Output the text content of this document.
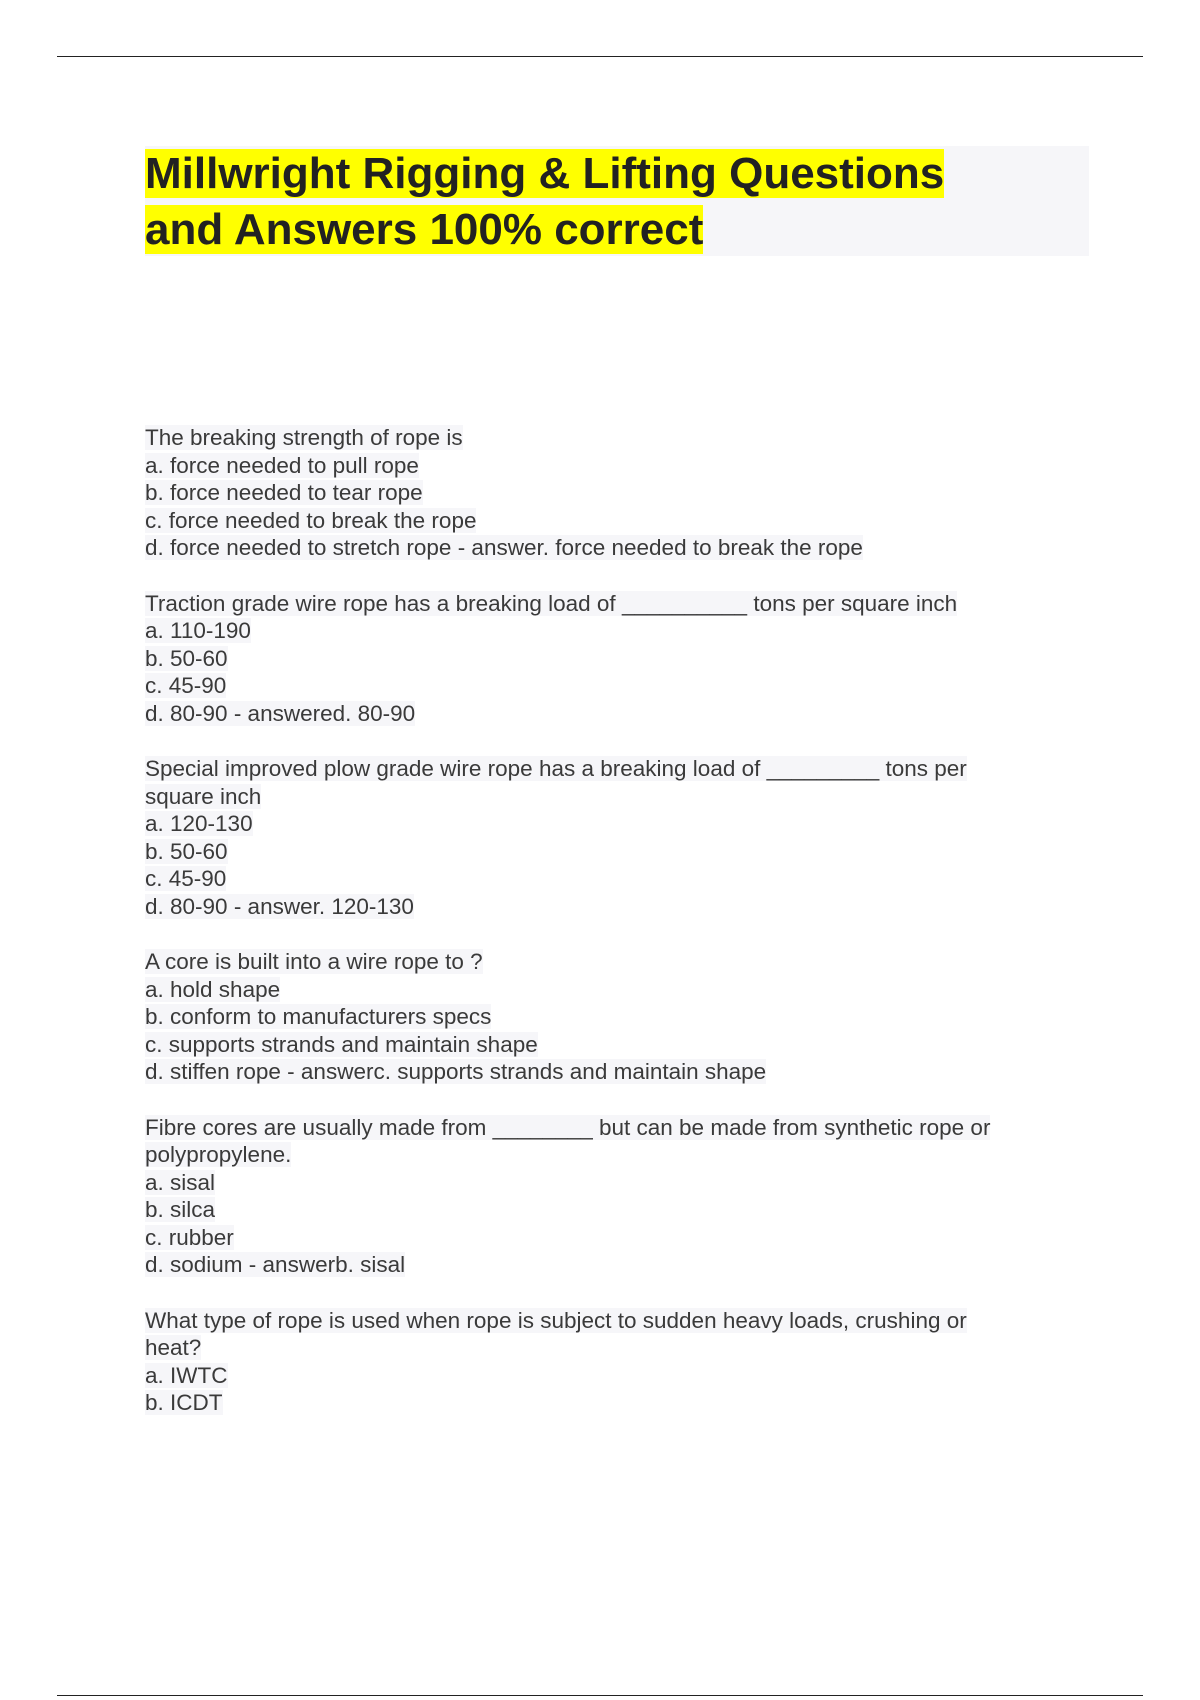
Millwright Rigging & Lifting Questions
and Answers 100% correct
The breaking strength of rope is
a. force needed to pull rope
b. force needed to tear rope
c. force needed to break the rope
d. force needed to stretch rope - answer. force needed to break the rope
Traction grade wire rope has a breaking load of __________ tons per square inch
a. 110-190
b. 50-60
c. 45-90
d. 80-90 - answered. 80-90
Special improved plow grade wire rope has a breaking load of _________ tons per
square inch
a. 120-130
b. 50-60
c. 45-90
d. 80-90 - answer. 120-130
A core is built into a wire rope to ?
a. hold shape
b. conform to manufacturers specs
c. supports strands and maintain shape
d. stiffen rope - answerc. supports strands and maintain shape
Fibre cores are usually made from ________ but can be made from synthetic rope or
polypropylene.
a. sisal
b. silca
c. rubber
d. sodium - answerb. sisal
What type of rope is used when rope is subject to sudden heavy loads, crushing or
heat?
a. IWTC
b. ICDT
